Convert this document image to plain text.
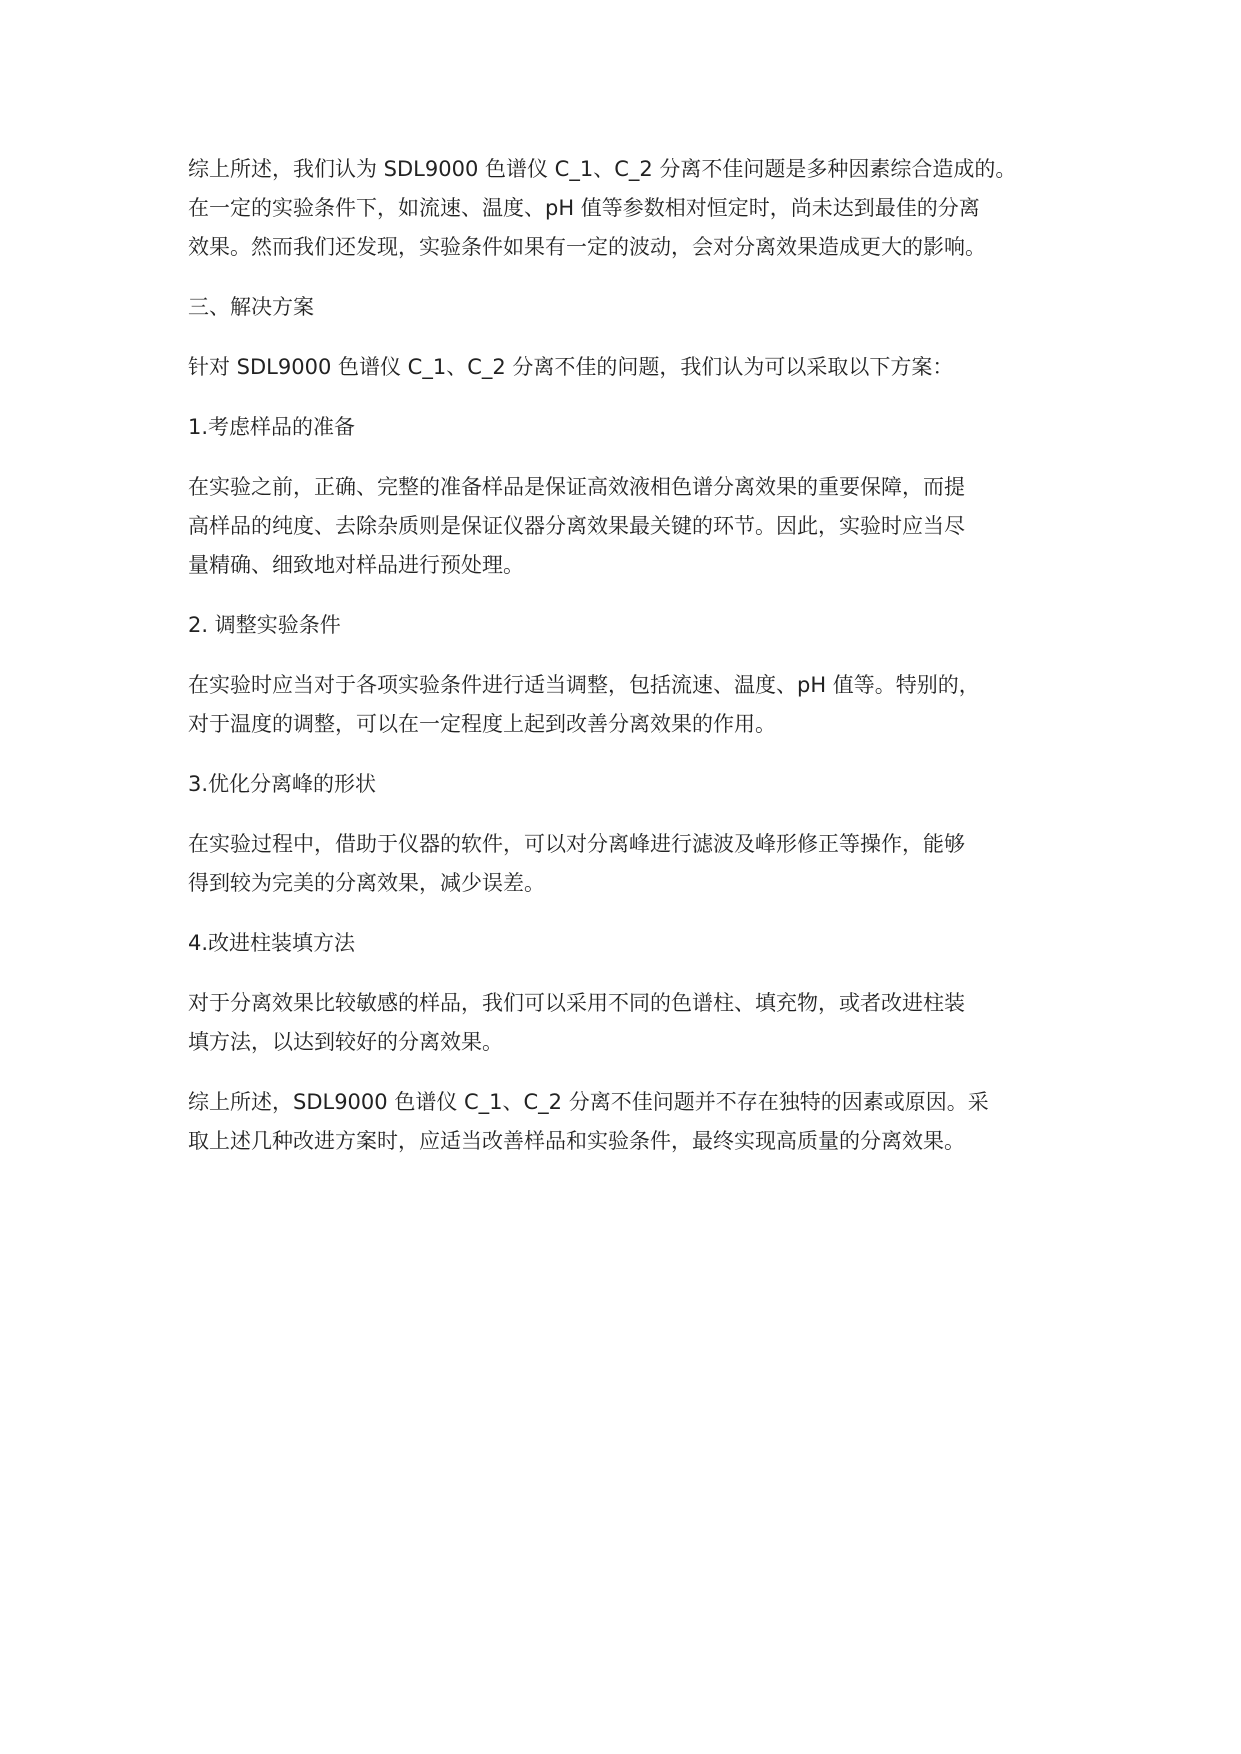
综上所述，我们认为 SDL9000 色谱仪 C_1、C_2 分离不佳问题是多种因素综合造成的。
在一定的实验条件下，如流速、温度、pH 值等参数相对恒定时，尚未达到最佳的分离
效果。然而我们还发现，实验条件如果有一定的波动，会对分离效果造成更大的影响。

三、解决方案

针对 SDL9000 色谱仪 C_1、C_2 分离不佳的问题，我们认为可以采取以下方案：

1.考虑样品的准备

在实验之前，正确、完整的准备样品是保证高效液相色谱分离效果的重要保障，而提
高样品的纯度、去除杂质则是保证仪器分离效果最关键的环节。因此，实验时应当尽
量精确、细致地对样品进行预处理。

2. 调整实验条件

在实验时应当对于各项实验条件进行适当调整，包括流速、温度、pH 值等。特别的，
对于温度的调整，可以在一定程度上起到改善分离效果的作用。

3.优化分离峰的形状

在实验过程中，借助于仪器的软件，可以对分离峰进行滤波及峰形修正等操作，能够
得到较为完美的分离效果，减少误差。

4.改进柱装填方法

对于分离效果比较敏感的样品，我们可以采用不同的色谱柱、填充物，或者改进柱装
填方法，以达到较好的分离效果。

综上所述，SDL9000 色谱仪 C_1、C_2 分离不佳问题并不存在独特的因素或原因。采
取上述几种改进方案时，应适当改善样品和实验条件，最终实现高质量的分离效果。
